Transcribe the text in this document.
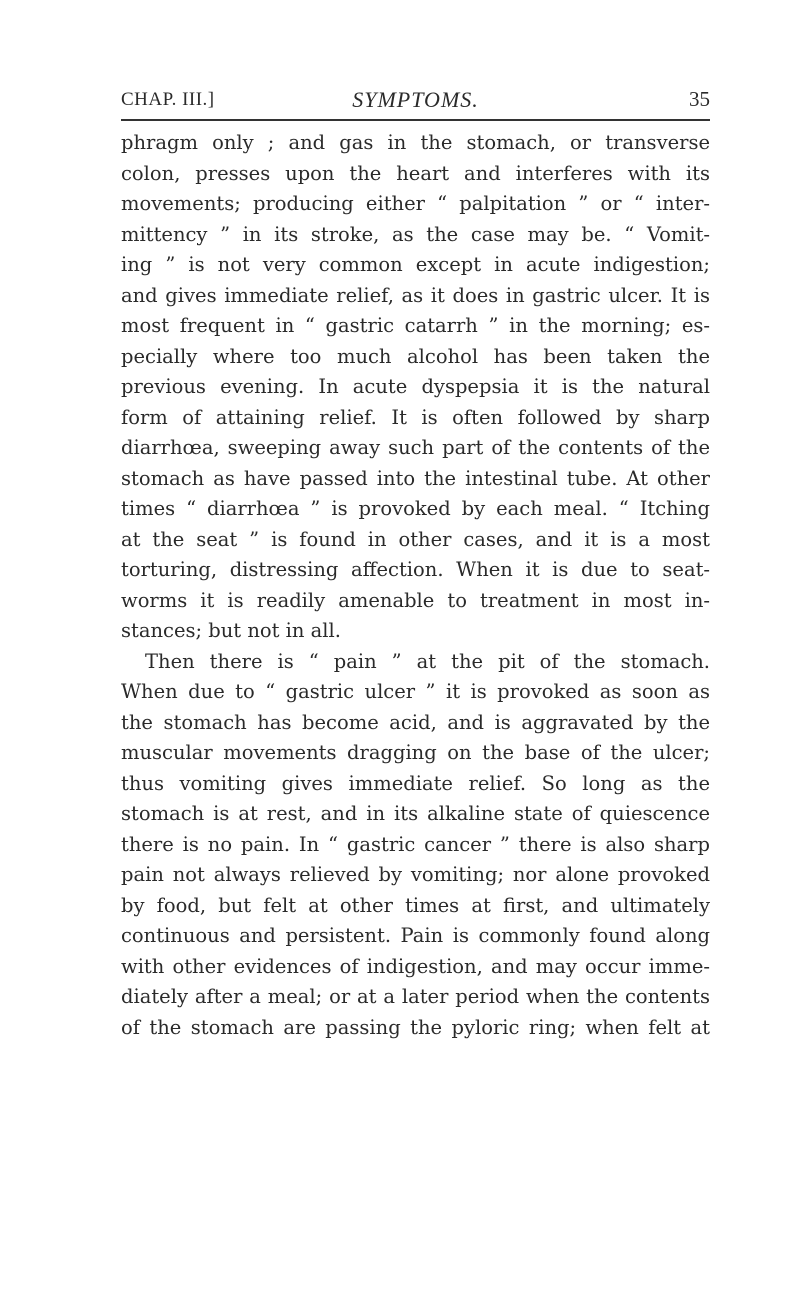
CHAP. III.]	SYMPTOMS.	35
phragm only ; and gas in the stomach, or transverse
colon, presses upon the heart and interferes with its
movements; producing either “ palpitation ” or “ inter-
mittency ” in its stroke, as the case may be. “ Vomit-
ing ” is not very common except in acute indigestion;
and gives immediate relief, as it does in gastric ulcer. It is
most frequent in “ gastric catarrh ” in the morning; es-
pecially where too much alcohol has been taken the
previous evening. In acute dyspepsia it is the natural
form of attaining relief. It is often followed by sharp
diarrhœa, sweeping away such part of the contents of the
stomach as have passed into the intestinal tube. At other
times “ diarrhœa ” is provoked by each meal. “ Itching
at the seat ” is found in other cases, and it is a most
torturing, distressing affection. When it is due to seat-
worms it is readily amenable to treatment in most in-
stances; but not in all.
Then there is “ pain ” at the pit of the stomach.
When due to “ gastric ulcer ” it is provoked as soon as
the stomach has become acid, and is aggravated by the
muscular movements dragging on the base of the ulcer;
thus vomiting gives immediate relief. So long as the
stomach is at rest, and in its alkaline state of quiescence
there is no pain. In “ gastric cancer ” there is also sharp
pain not always relieved by vomiting; nor alone provoked
by food, but felt at other times at first, and ultimately
continuous and persistent. Pain is commonly found along
with other evidences of indigestion, and may occur imme-
diately after a meal; or at a later period when the contents
of the stomach are passing the pyloric ring; when felt at
